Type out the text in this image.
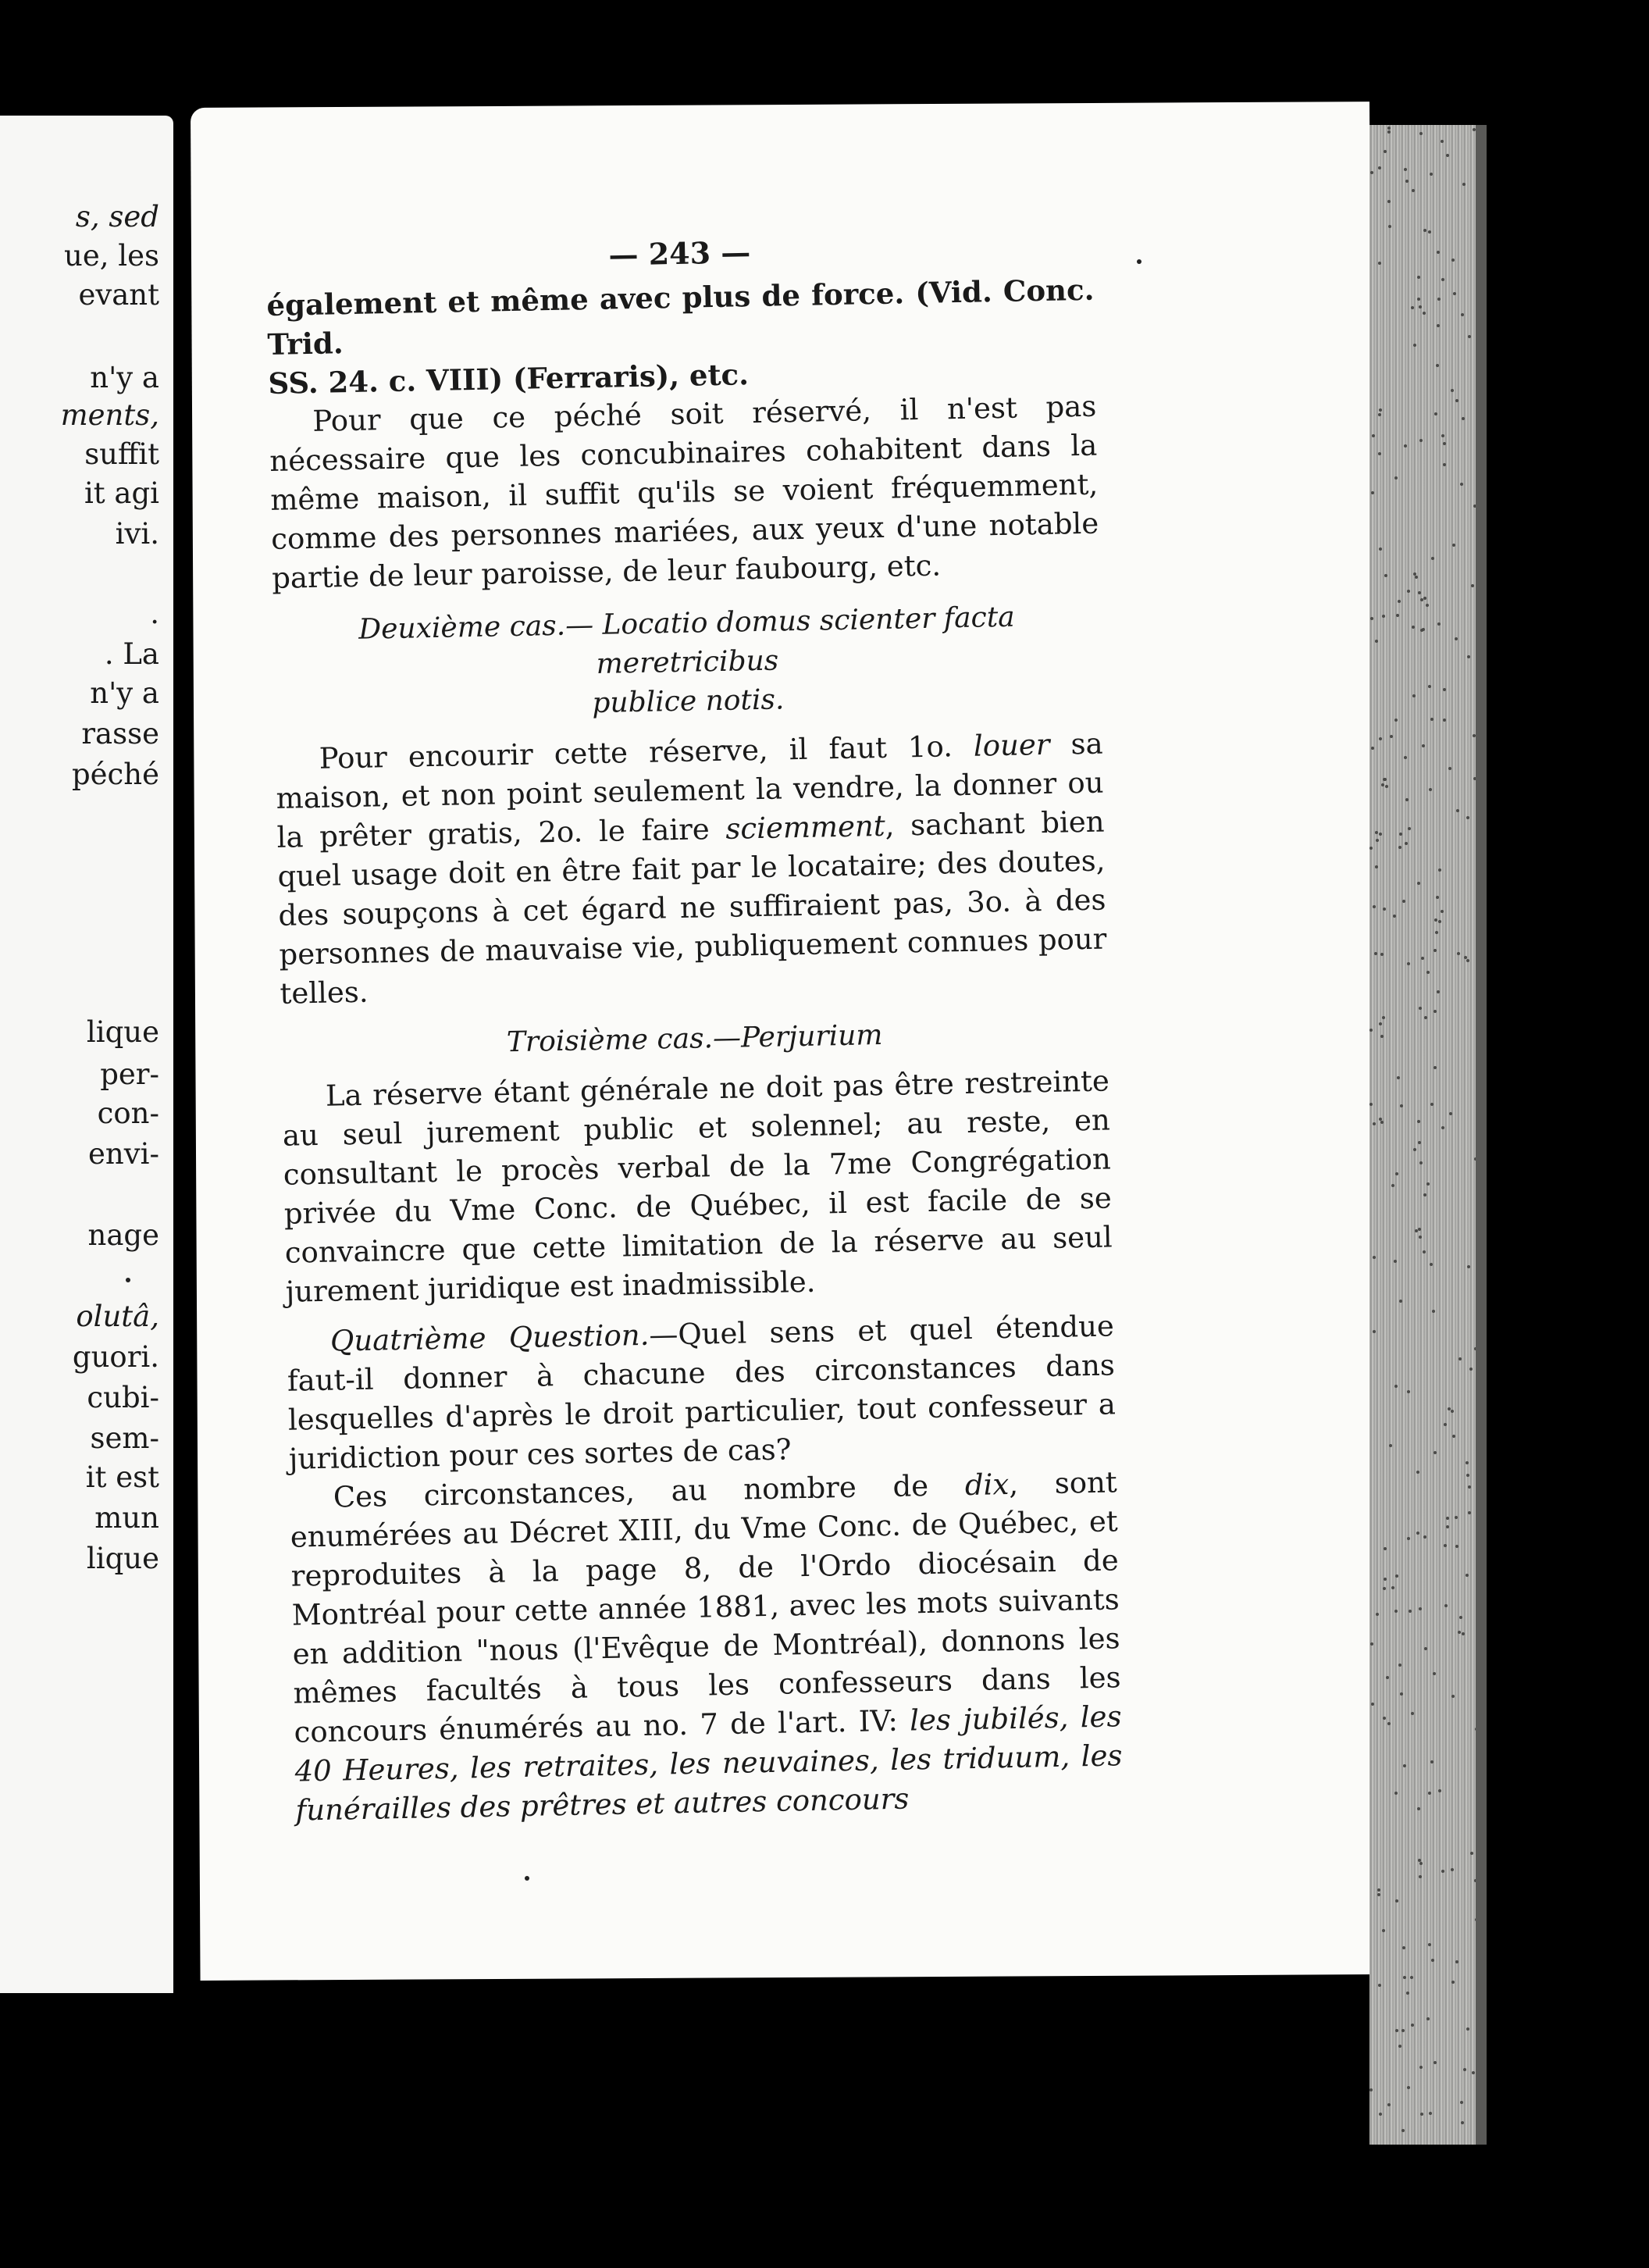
s, sed
ue, les
evant
n'y a
ments,
suffit
it agi
ivi.
.
. La
n'y a
rasse
péché
lique
per-
con-
envi-
nage
olutâ,
guori.
cubi-
sem-
it est
mun
lique
— 243 —

également et même avec plus de force. (Vid. Conc. Trid.
SS. 24. c. VIII) (Ferraris), etc.

Pour que ce péché soit réservé, il n'est pas nécessaire que les concubinaires cohabitent dans la même maison, il suffit qu'ils se voient fréquemment, comme des personnes mariées, aux yeux d'une notable partie de leur paroisse, de leur faubourg, etc.

Deuxième cas.— Locatio domus scienter facta meretricibus
publice notis.

Pour encourir cette réserve, il faut 1o. louer sa maison, et non point seulement la vendre, la donner ou la prêter gratis, 2o. le faire sciemment, sachant bien quel usage doit en être fait par le locataire; des doutes, des soupçons à cet égard ne suffiraient pas, 3o. à des personnes de mauvaise vie, publiquement connues pour telles.

Troisième cas.—Perjurium

La réserve étant générale ne doit pas être restreinte au seul jurement public et solennel; au reste, en consultant le procès verbal de la 7me Congrégation privée du Vme Conc. de Québec, il est facile de se convaincre que cette limitation de la réserve au seul jurement juridique est inadmissible.

Quatrième Question.—Quel sens et quel étendue faut-il donner à chacune des circonstances dans lesquelles d'après le droit particulier, tout confesseur a juridiction pour ces sortes de cas?

Ces circonstances, au nombre de dix, sont enumérées au Décret XIII, du Vme Conc. de Québec, et reproduites à la page 8, de l'Ordo diocésain de Montréal pour cette année 1881, avec les mots suivants en addition "nous (l'Evêque de Montréal), donnons les mêmes facultés à tous les confesseurs dans les concours énumérés au no. 7 de l'art. IV: les jubilés, les 40 Heures, les retraites, les neuvaines, les triduum, les funérailles des prêtres et autres concours
